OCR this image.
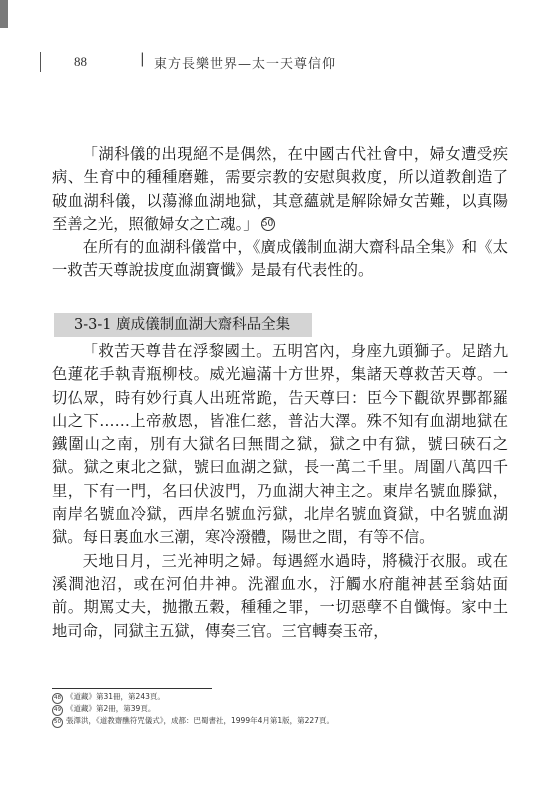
88	| 東方長樂世界—太一天尊信仰

「湖科儀的出現絕不是偶然，在中國古代社會中，婦女遭受疾病、生育中的種種磨難，需要宗教的安慰與救度，所以道教創造了破血湖科儀，以蕩滌血湖地獄，其意蘊就是解除婦女苦難，以真陽至善之光，照徹婦女之亡魂。」 50

在所有的血湖科儀當中，《廣成儀制血湖大齋科品全集》和《太一救苦天尊說拔度血湖寶懺》是最有代表性的。

3-3-1 廣成儀制血湖大齋科品全集

「救苦天尊昔在浮黎國土。五明宮內，身座九頭獅子。足踏九色蓮花手執青瓶柳枝。威光遍滿十方世界，集諸天尊救苦天尊。一切仏眾，時有妙行真人出班常跪，告天尊曰：臣今下觀欲界酆都羅山之下……上帝赦恩，皆准仁慈，普沾大澤。殊不知有血湖地獄在鐵圍山之南，別有大獄名曰無間之獄，獄之中有獄，號曰硤石之獄。獄之東北之獄，號曰血湖之獄，長一萬二千里。周圍八萬四千里，下有一門，名曰伏波門，乃血湖大神主之。東岸名號血滕獄，南岸名號血冷獄，西岸名號血污獄，北岸名號血資獄，中名號血湖獄。每日裏血水三潮，寒冷潑體，陽世之間，有等不信。

天地日月，三光神明之婦。每遇經水過時，將穢汙衣服。或在溪澗池沼，或在河伯井神。洗濯血水，汙觸水府龍神甚至翁姑面前。期罵丈夫，拋撒五穀，種種之罪，一切惡孽不自懺悔。家中土地司命，同獄主五獄，傳奏三官。三官轉奏玉帝，

48 《道藏》第31冊，第243頁。
49 《道藏》第2冊，第39頁。
50 張澤洪，《道教齋醮符咒儀式》，成都：巴蜀書社，1999年4月第1版，第227頁。
